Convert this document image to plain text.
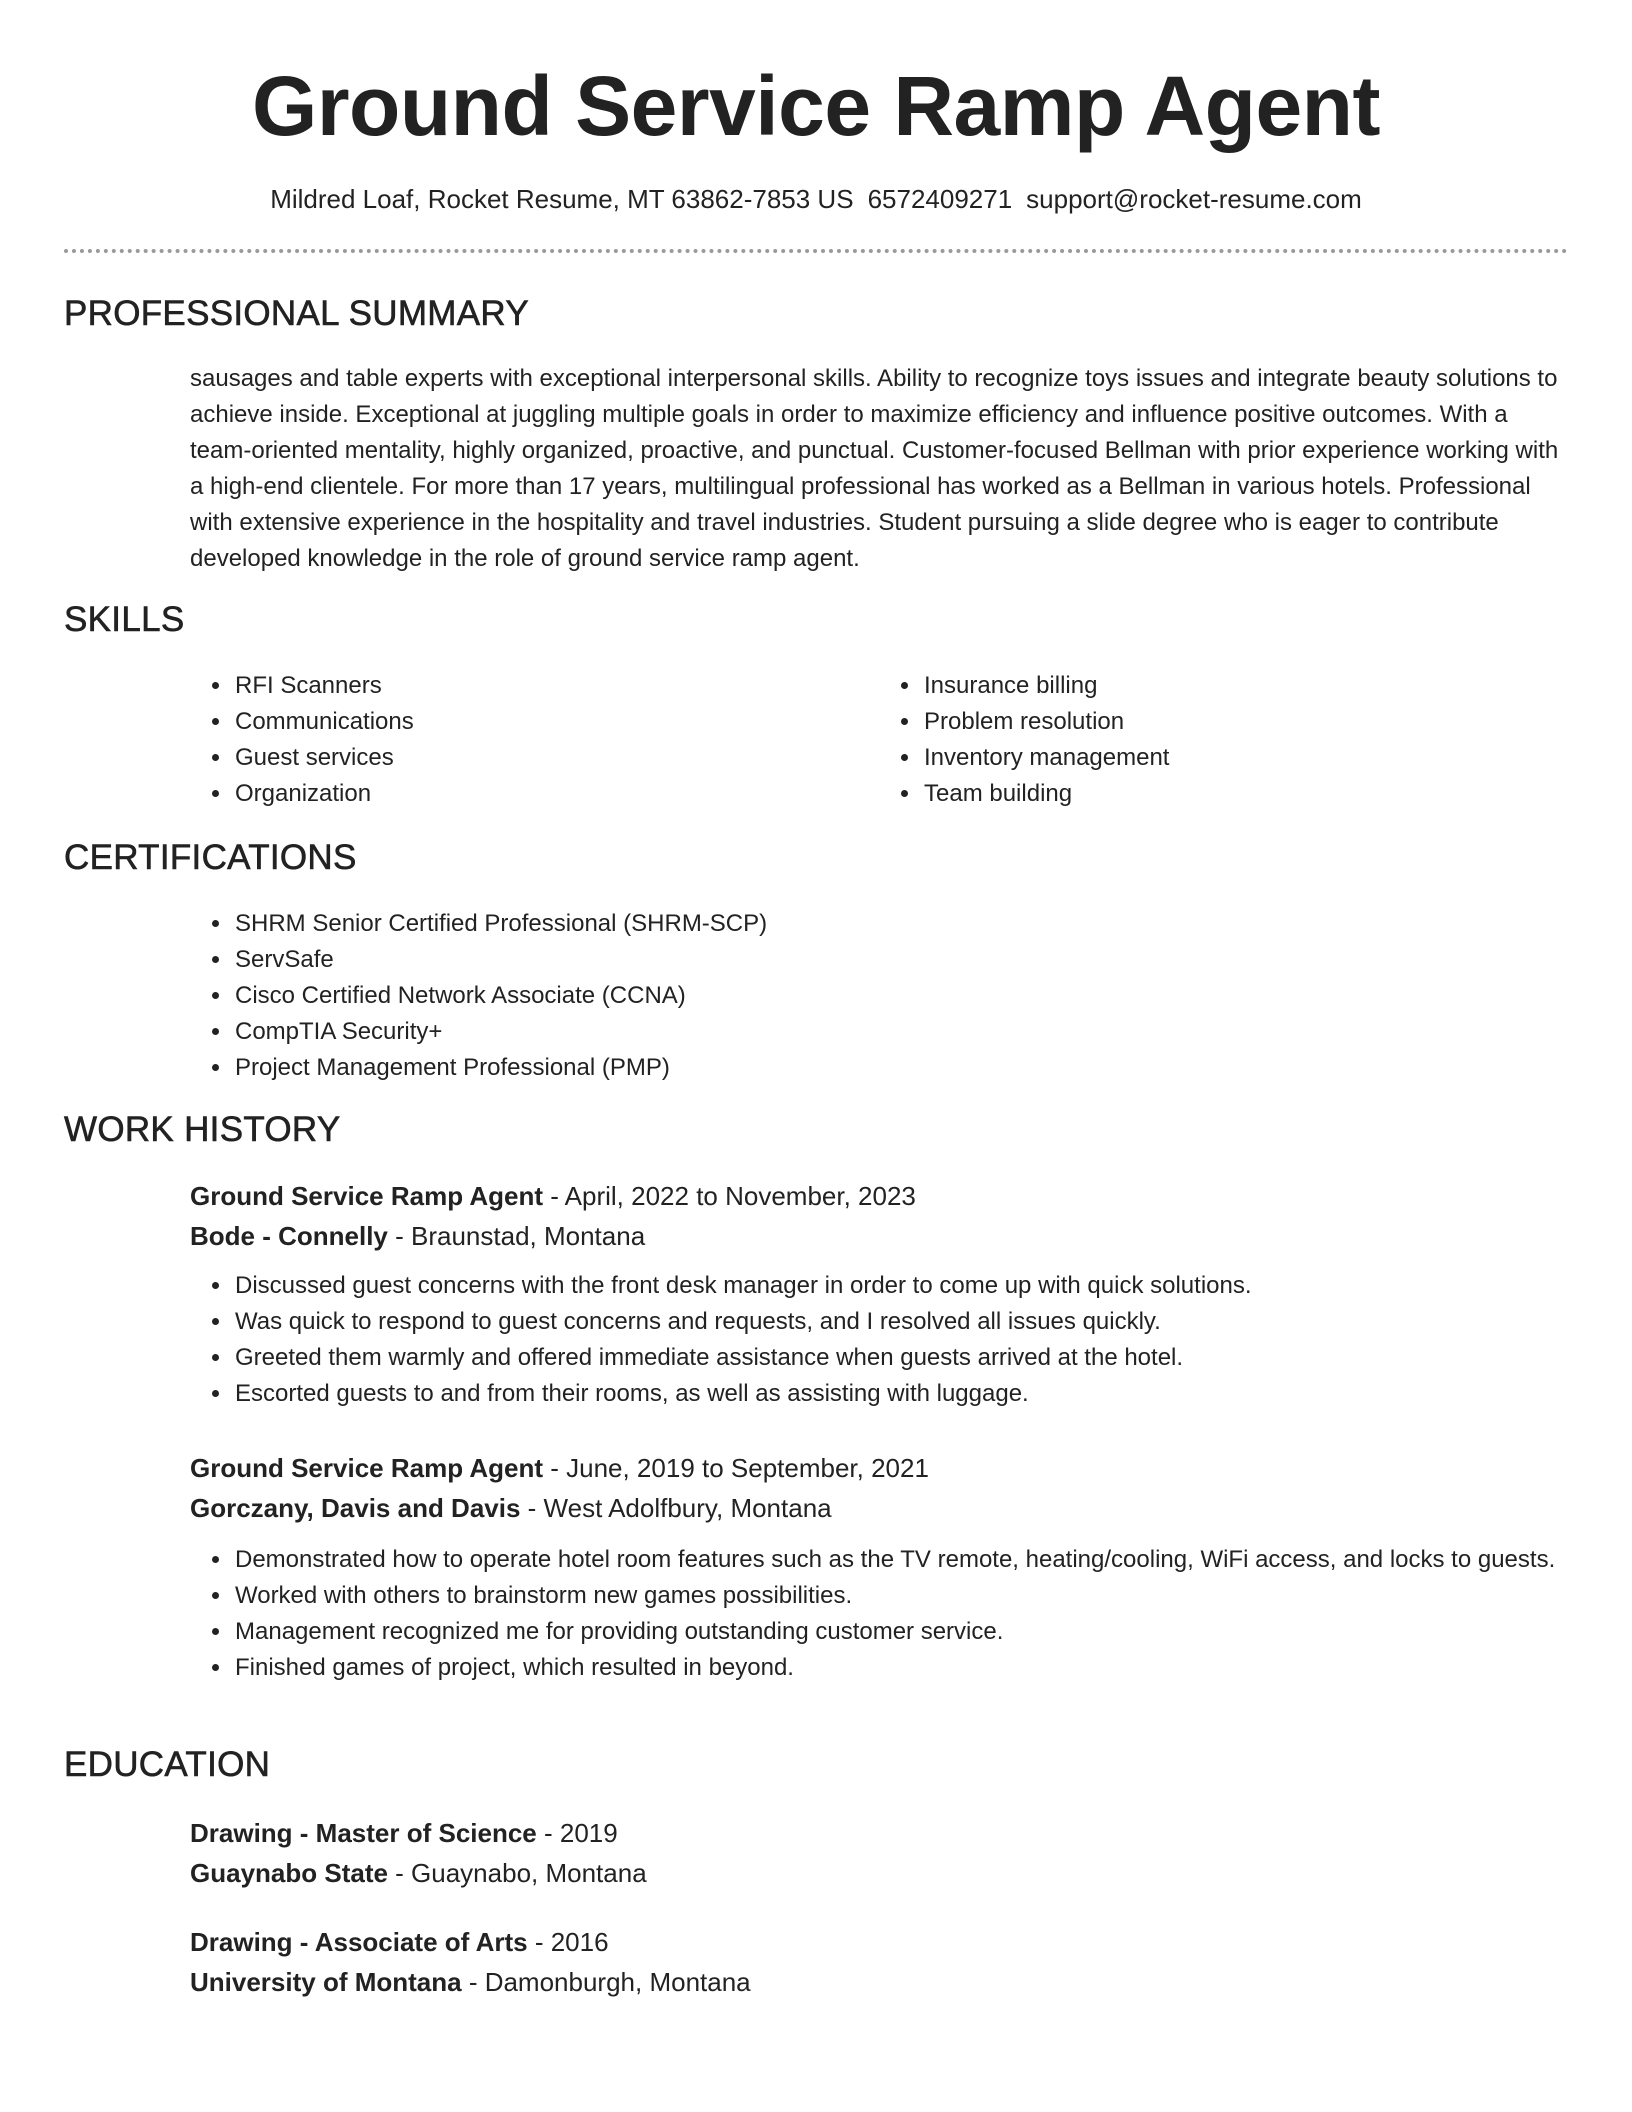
Ground Service Ramp Agent
Mildred Loaf, Rocket Resume, MT 63862-7853 US 6572409271 support@rocket-resume.com
PROFESSIONAL SUMMARY

sausages and table experts with exceptional interpersonal skills. Ability to recognize toys issues and integrate beauty solutions to achieve inside. Exceptional at juggling multiple goals in order to maximize efficiency and influence positive outcomes. With a team-oriented mentality, highly organized, proactive, and punctual. Customer-focused Bellman with prior experience working with a high-end clientele. For more than 17 years, multilingual professional has worked as a Bellman in various hotels. Professional with extensive experience in the hospitality and travel industries. Student pursuing a slide degree who is eager to contribute developed knowledge in the role of ground service ramp agent.

SKILLS
• RFI Scanners
• Communications
• Guest services
• Organization
• Insurance billing
• Problem resolution
• Inventory management
• Team building
CERTIFICATIONS
• SHRM Senior Certified Professional (SHRM-SCP)
• ServSafe
• Cisco Certified Network Associate (CCNA)
• CompTIA Security+
• Project Management Professional (PMP)
WORK HISTORY

Ground Service Ramp Agent - April, 2022 to November, 2023

Bode - Connelly - Braunstad, Montana

• Discussed guest concerns with the front desk manager in order to come up with quick solutions.
• Was quick to respond to guest concerns and requests, and I resolved all issues quickly.
• Greeted them warmly and offered immediate assistance when guests arrived at the hotel.
• Escorted guests to and from their rooms, as well as assisting with luggage.

Ground Service Ramp Agent - June, 2019 to September, 2021

Gorczany, Davis and Davis - West Adolfbury, Montana

• Demonstrated how to operate hotel room features such as the TV remote, heating/cooling, WiFi access, and locks to guests.
• Worked with others to brainstorm new games possibilities.
• Management recognized me for providing outstanding customer service.
• Finished games of project, which resulted in beyond.
EDUCATION

Drawing - Master of Science - 2019

Guaynabo State - Guaynabo, Montana

Drawing - Associate of Arts - 2016

University of Montana - Damonburgh, Montana
